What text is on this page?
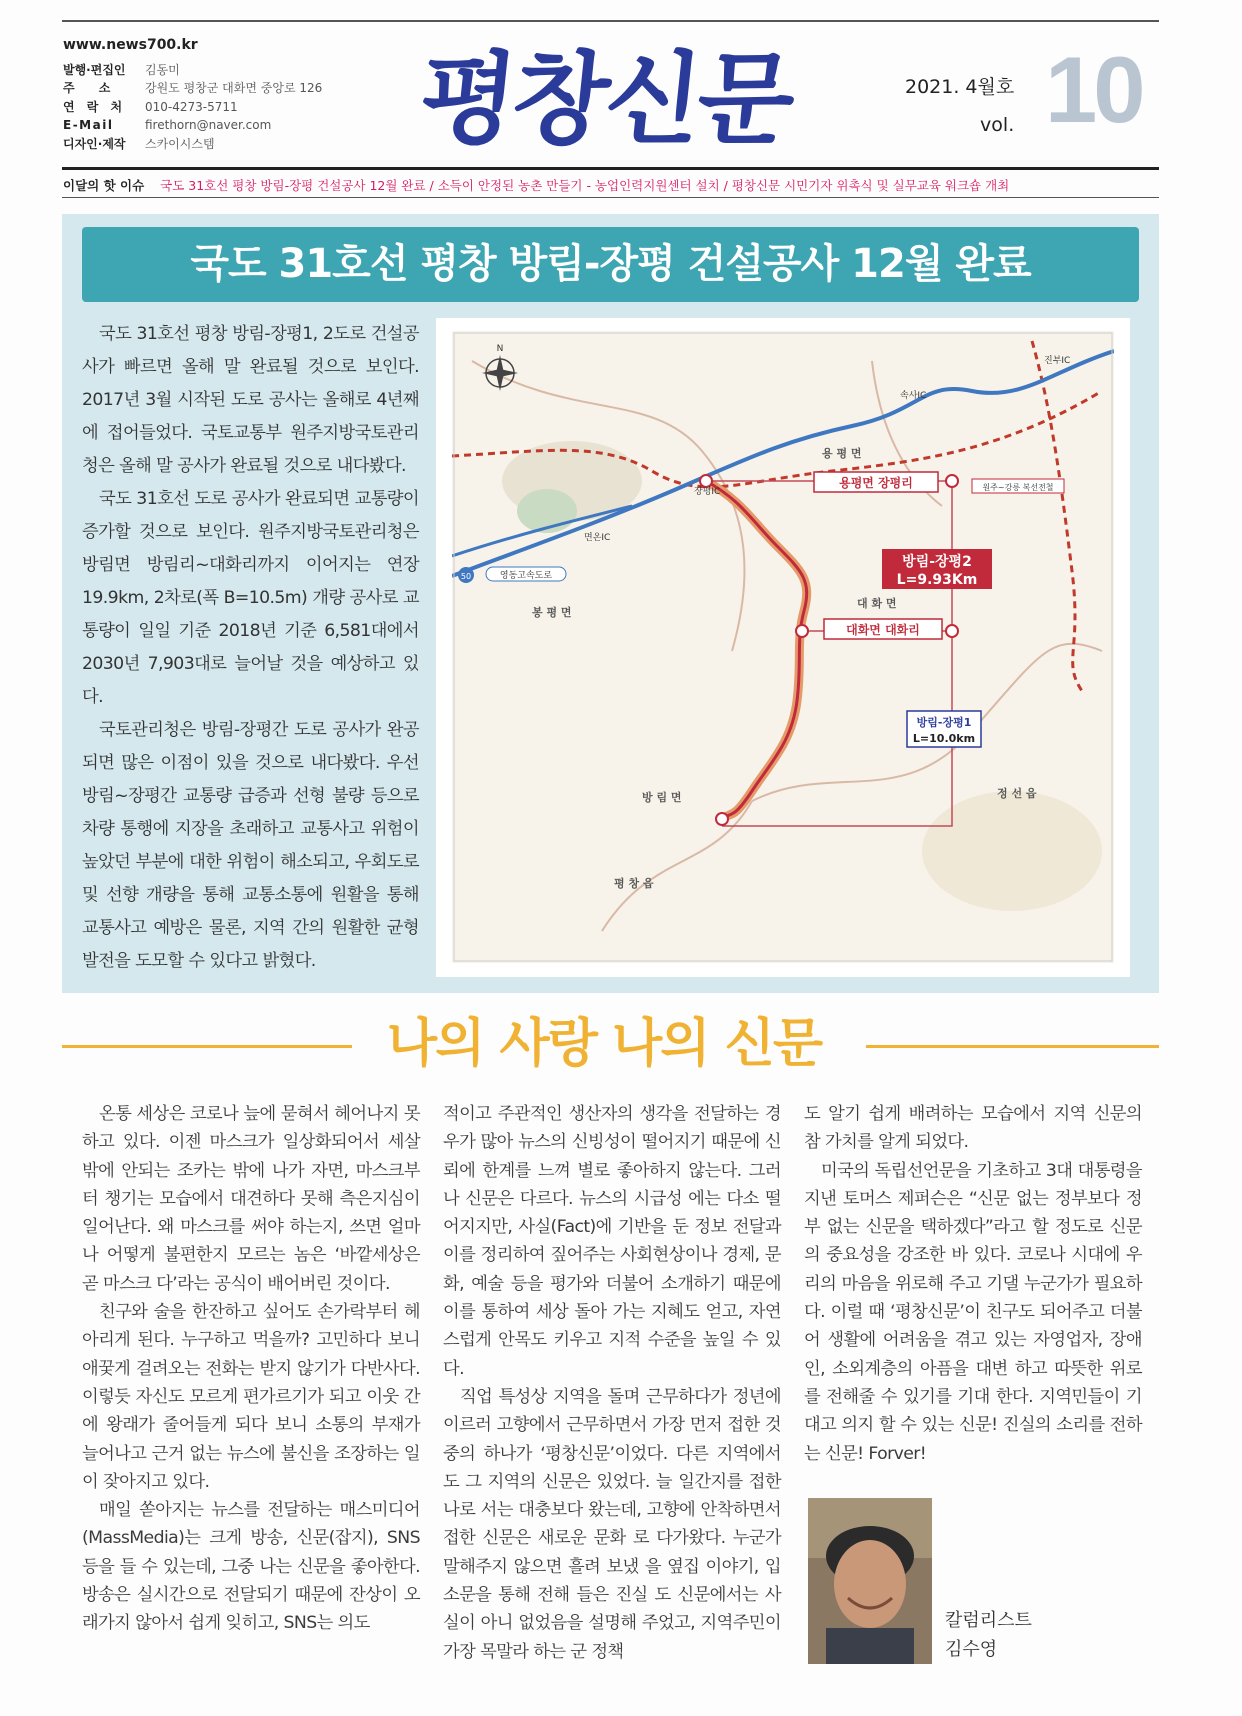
www.news700.kr
발행·편집인	김동미
주 소	강원도 평창군 대화면 중앙로 126
연 락 처	010-4273-5711
E-Mail	firethorn@naver.com
디자인·제작	스카이시스템 평창신문	2021. 4월호
vol. 10
이달의 핫 이슈 국도 31호선 평창 방림-장평 건설공사 12월 완료 / 소득이 안정된 농촌 만들기 - 농업인력지원센터 설치 / 평창신문 시민기자 위촉식 및 실무교육 워크숍 개최
국도 31호선 평창 방림-장평 건설공사 12월 완료

국도 31호선 평창 방림-장평1, 2도로 건설공사가 빠르면 올해 말 완료될 것으로 보인다. 2017년 3월 시작된 도로 공사는 올해로 4년째에 접어들었다. 국토교통부 원주지방국토관리청은 올해 말 공사가 완료될 것으로 내다봤다.

국도 31호선 도로 공사가 완료되면 교통량이 증가할 것으로 보인다. 원주지방국토관리청은 방림면 방림리~대화리까지 이어지는 연장 19.9km, 2차로(폭 B=10.5m) 개량 공사로 교통량이 일일 기준 2018년 기준 6,581대에서 2030년 7,903대로 늘어날 것을 예상하고 있다.

국토관리청은 방림-장평간 도로 공사가 완공되면 많은 이점이 있을 것으로 내다봤다. 우선 방림~장평간 교통량 급증과 선형 불량 등으로 차량 통행에 지장을 초래하고 교통사고 위험이 높았던 부분에 대한 위험이 해소되고, 우회도로 및 선향 개량을 통해 교통소통에 원활을 통해 교통사고 예방은 물론, 지역 간의 원활한 균형 발전을 도모할 수 있다고 밝혔다.

N
용평면 장평리
용 평 면
방림-장평2
L=9.93Km
대 화 면
대화면 대화리
방림-장평1
L=10.0km
봉 평 면
방 림 면
평 창 읍
정 선 읍
영동고속도로
장평IC
면온IC
속사IC
진부IC
원주~강릉 복선전철
50
나의 사랑 나의 신문

온통 세상은 코로나 늪에 묻혀서 헤어나지 못하고 있다. 이젠 마스크가 일상화되어서 세살 밖에 안되는 조카는 밖에 나가 자면, 마스크부터 챙기는 모습에서 대견하다 못해 측은지심이 일어난다. 왜 마스크를 써야 하는지, 쓰면 얼마나 어떻게 불편한지 모르는 놈은 ‘바깥세상은 곧 마스크 다’라는 공식이 배어버린 것이다.

친구와 술을 한잔하고 싶어도 손가락부터 헤아리게 된다. 누구하고 먹을까? 고민하다 보니 애꿎게 걸려오는 전화는 받지 않기가 다반사다. 이렇듯 자신도 모르게 편가르기가 되고 이웃 간에 왕래가 줄어들게 되다 보니 소통의 부재가 늘어나고 근거 없는 뉴스에 불신을 조장하는 일이 잦아지고 있다.

매일 쏟아지는 뉴스를 전달하는 매스미디어(MassMedia)는 크게 방송, 신문(잡지), SNS 등을 들 수 있는데, 그중 나는 신문을 좋아한다. 방송은 실시간으로 전달되기 때문에 잔상이 오래가지 않아서 쉽게 잊히고, SNS는 의도

적이고 주관적인 생산자의 생각을 전달하는 경우가 많아 뉴스의 신빙성이 떨어지기 때문에 신뢰에 한계를 느껴 별로 좋아하지 않는다. 그러나 신문은 다르다. 뉴스의 시급성 에는 다소 떨어지지만, 사실(Fact)에 기반을 둔 정보 전달과 이를 정리하여 짚어주는 사회현상이나 경제, 문화, 예술 등을 평가와 더불어 소개하기 때문에 이를 통하여 세상 돌아 가는 지혜도 얻고, 자연스럽게 안목도 키우고 지적 수준을 높일 수 있다.

직업 특성상 지역을 돌며 근무하다가 정년에 이르러 고향에서 근무하면서 가장 먼저 접한 것 중의 하나가 ‘평창신문’이었다. 다른 지역에서도 그 지역의 신문은 있었다. 늘 일간지를 접한 나로 서는 대충보다 왔는데, 고향에 안착하면서 접한 신문은 새로운 문화 로 다가왔다. 누군가 말해주지 않으면 흘려 보냈 을 옆집 이야기, 입소문을 통해 전해 들은 진실 도 신문에서는 사실이 아니 없었음을 설명해 주었고, 지역주민이 가장 목말라 하는 군 정책

도 알기 쉽게 배려하는 모습에서 지역 신문의 참 가치를 알게 되었다.

미국의 독립선언문을 기초하고 3대 대통령을 지낸 토머스 제퍼슨은 “신문 없는 정부보다 정부 없는 신문을 택하겠다”라고 할 정도로 신문의 중요성을 강조한 바 있다. 코로나 시대에 우리의 마음을 위로해 주고 기댈 누군가가 필요하다. 이럴 때 ‘평창신문’이 친구도 되어주고 더불어 생활에 어려움을 겪고 있는 자영업자, 장애인, 소외계층의 아픔을 대변 하고 따뜻한 위로를 전해줄 수 있기를 기대 한다. 지역민들이 기대고 의지 할 수 있는 신문! 진실의 소리를 전하는 신문! Forver!

칼럼리스트
김수영
